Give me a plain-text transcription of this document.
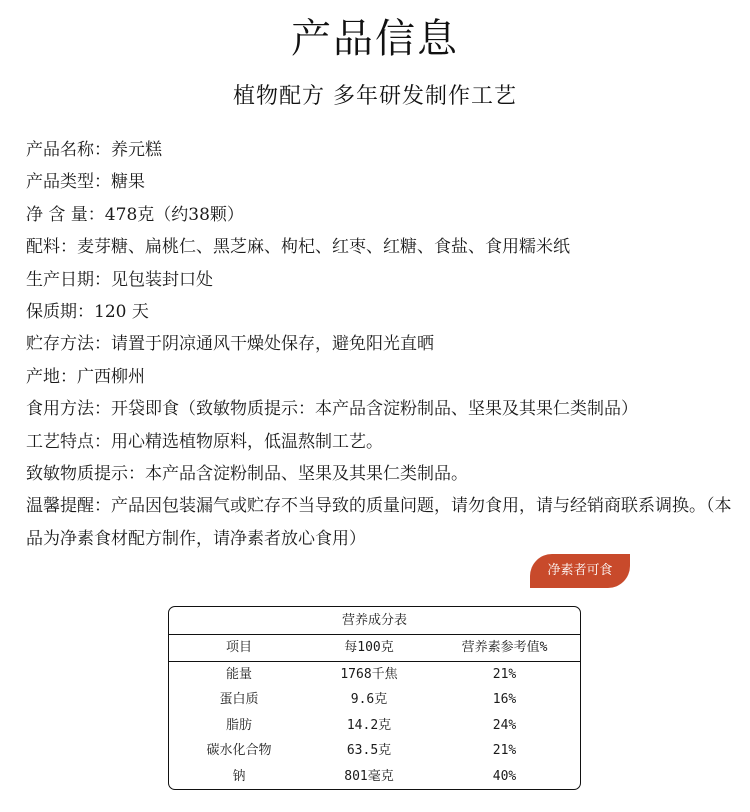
产品信息
植物配方 多年研发制作工艺
产品名称：养元糕
产品类型：糖果
净 含 量：478克（约38颗）
配料：麦芽糖、扁桃仁、黑芝麻、枸杞、红枣、红糖、食盐、食用糯米纸
生产日期：见包装封口处
保质期：120 天
贮存方法：请置于阴凉通风干燥处保存，避免阳光直晒
产地：广西柳州
食用方法：开袋即食（致敏物质提示：本产品含淀粉制品、坚果及其果仁类制品）
工艺特点：用心精选植物原料，低温熬制工艺。
致敏物质提示：本产品含淀粉制品、坚果及其果仁类制品。
温馨提醒：产品因包装漏气或贮存不当导致的质量问题，请勿食用，请与经销商联系调换。（本品为净素食材配方制作，请净素者放心食用）
净素者可食
营养成分表
项目	每100克	营养素参考值%
能量	1768千焦	21%
蛋白质	9.6克	16%
脂肪	14.2克	24%
碳水化合物	63.5克	21%
钠	801毫克	40%
